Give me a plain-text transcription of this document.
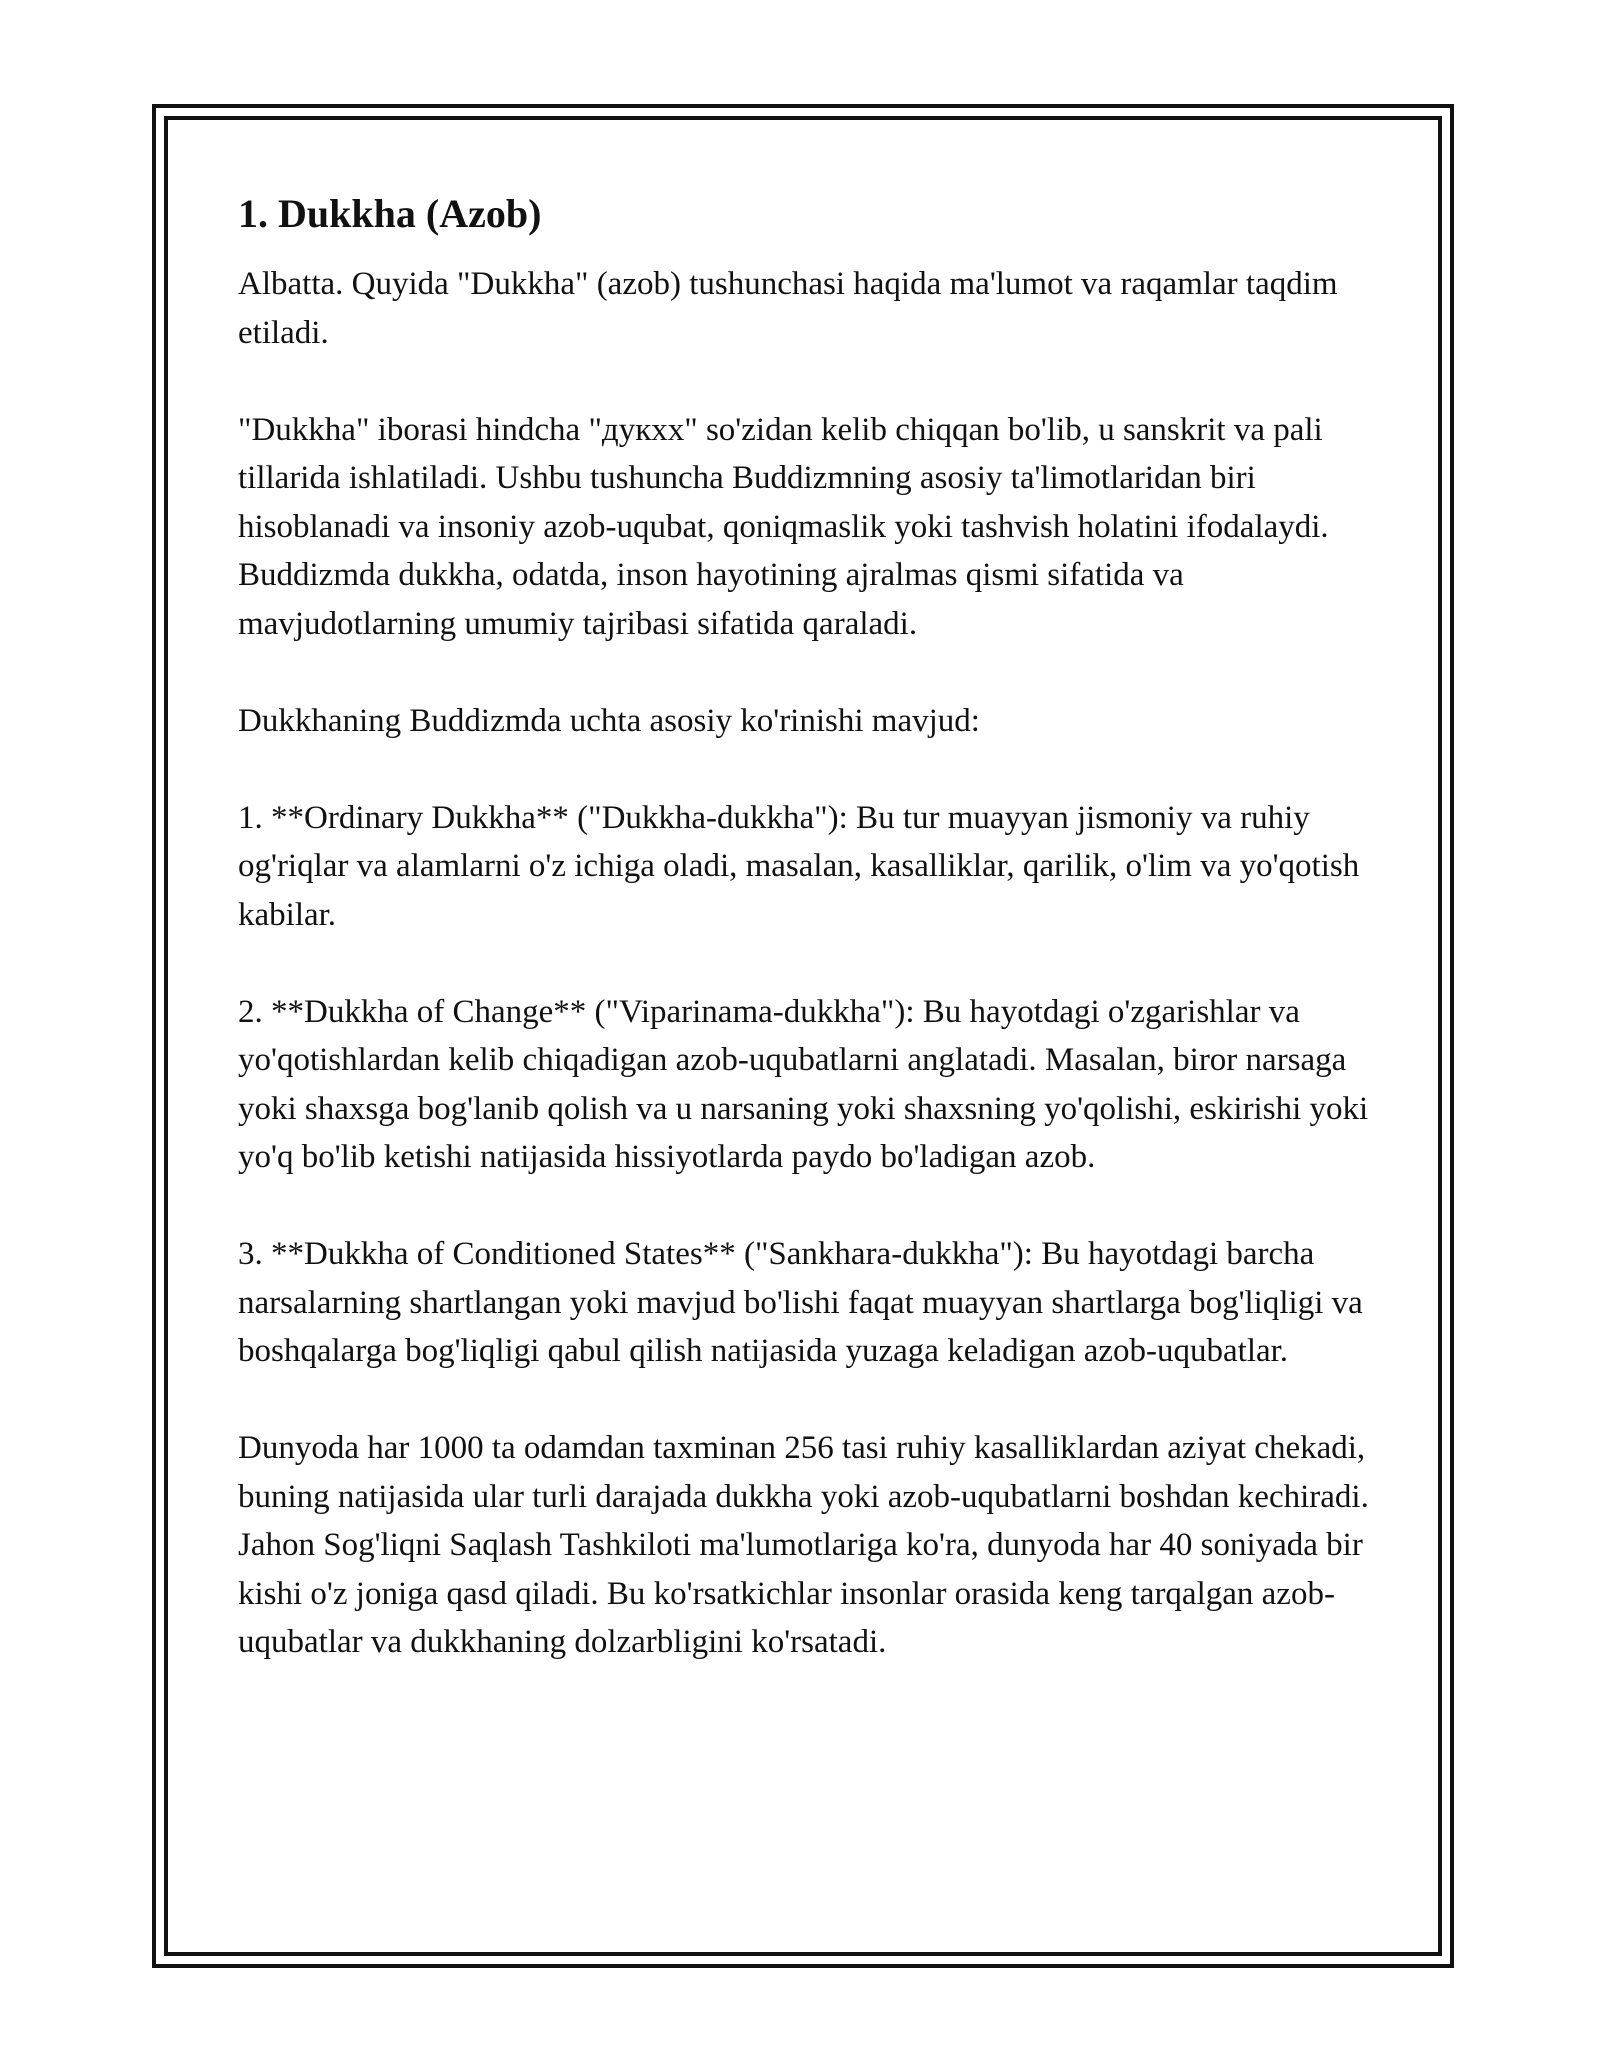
1. Dukkha (Azob)

Albatta. Quyida "Dukkha" (azob) tushunchasi haqida ma'lumot va raqamlar taqdim etiladi.

"Dukkha" iborasi hindcha "дукхх" so'zidan kelib chiqqan bo'lib, u sanskrit va pali tillarida ishlatiladi. Ushbu tushuncha Buddizmning asosiy ta'limotlaridan biri hisoblanadi va insoniy azob-uqubat, qoniqmaslik yoki tashvish holatini ifodalaydi. Buddizmda dukkha, odatda, inson hayotining ajralmas qismi sifatida va mavjudotlarning umumiy tajribasi sifatida qaraladi.

Dukkhaning Buddizmda uchta asosiy ko'rinishi mavjud:

1. **Ordinary Dukkha** ("Dukkha-dukkha"): Bu tur muayyan jismoniy va ruhiy og'riqlar va alamlarni o'z ichiga oladi, masalan, kasalliklar, qarilik, o'lim va yo'qotish kabilar.

2. **Dukkha of Change** ("Viparinama-dukkha"): Bu hayotdagi o'zgarishlar va yo'qotishlardan kelib chiqadigan azob-uqubatlarni anglatadi. Masalan, biror narsaga yoki shaxsga bog'lanib qolish va u narsaning yoki shaxsning yo'qolishi, eskirishi yoki yo'q bo'lib ketishi natijasida hissiyotlarda paydo bo'ladigan azob.

3. **Dukkha of Conditioned States** ("Sankhara-dukkha"): Bu hayotdagi barcha narsalarning shartlangan yoki mavjud bo'lishi faqat muayyan shartlarga bog'liqligi va boshqalarga bog'liqligi qabul qilish natijasida yuzaga keladigan azob-uqubatlar.

Dunyoda har 1000 ta odamdan taxminan 256 tasi ruhiy kasalliklardan aziyat chekadi, buning natijasida ular turli darajada dukkha yoki azob-uqubatlarni boshdan kechiradi. Jahon Sog'liqni Saqlash Tashkiloti ma'lumotlariga ko'ra, dunyoda har 40 soniyada bir kishi o'z joniga qasd qiladi. Bu ko'rsatkichlar insonlar orasida keng tarqalgan azob-uqubatlar va dukkhaning dolzarbligini ko'rsatadi.
